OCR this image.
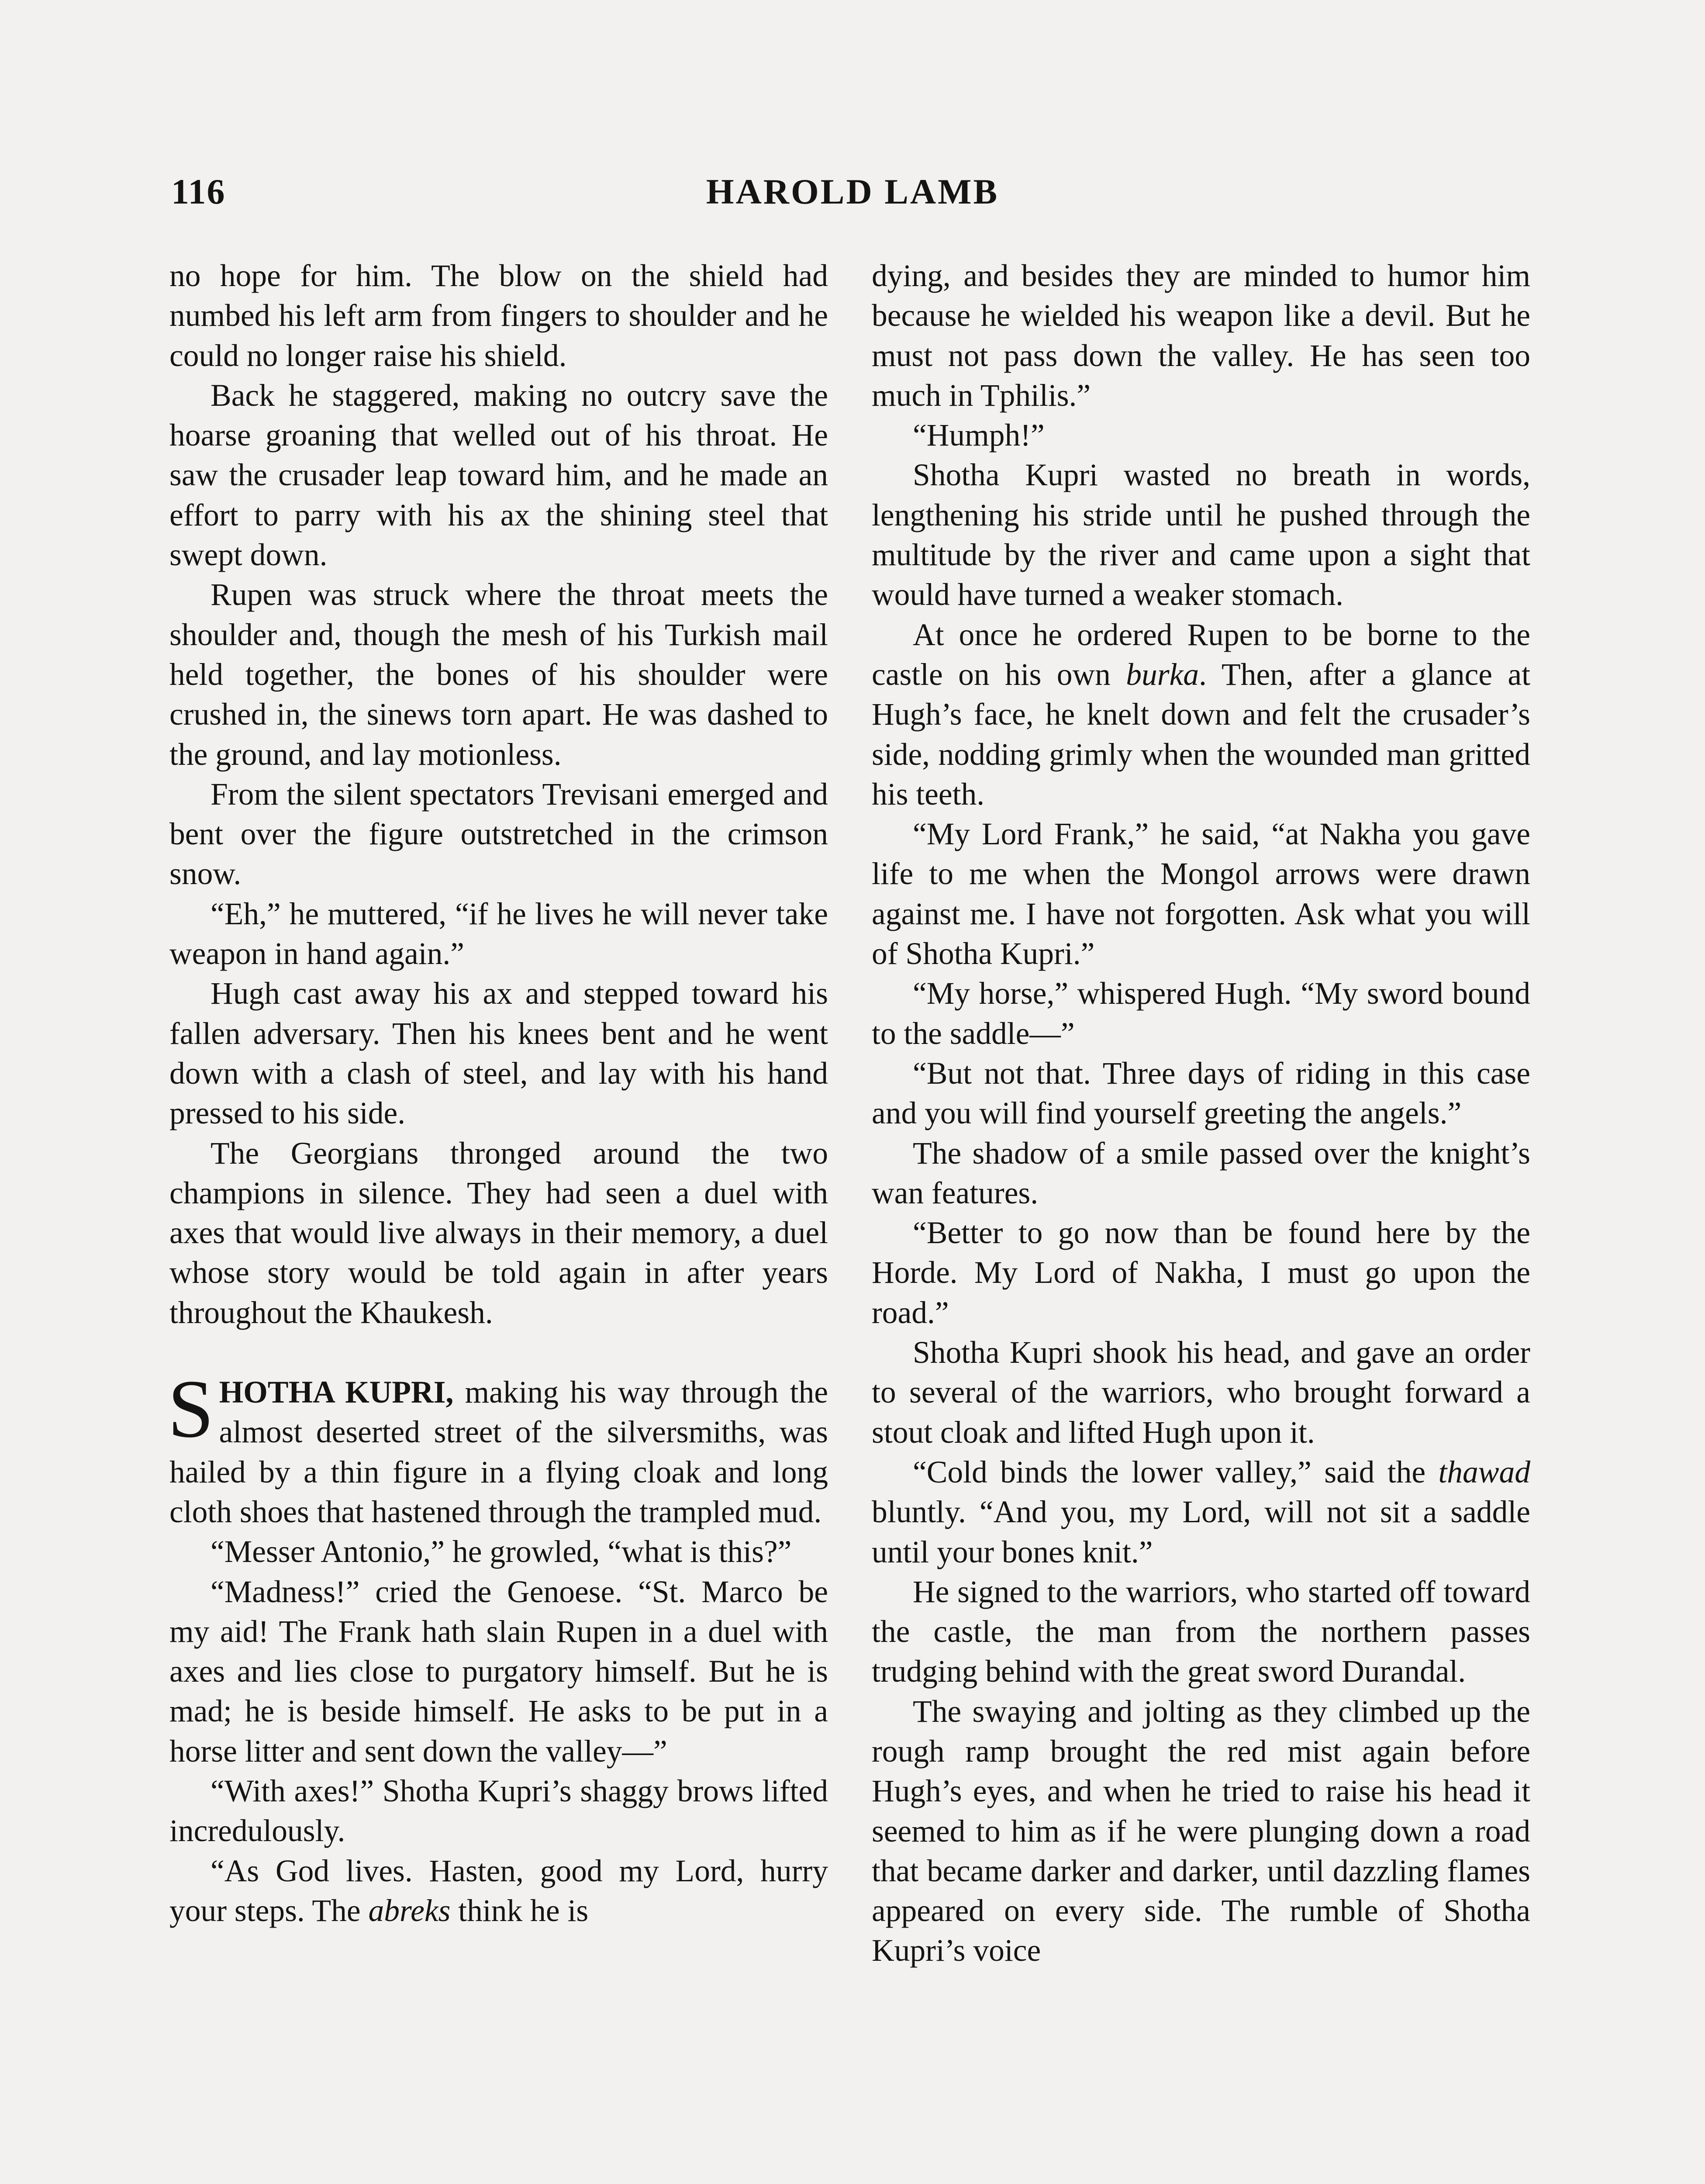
116	HAROLD LAMB

no hope for him. The blow on the shield had numbed his left arm from fingers to shoulder and he could no longer raise his shield.

Back he staggered, making no outcry save the hoarse groaning that welled out of his throat. He saw the crusader leap toward him, and he made an effort to parry with his ax the shining steel that swept down.

Rupen was struck where the throat meets the shoulder and, though the mesh of his Turkish mail held together, the bones of his shoulder were crushed in, the sinews torn apart. He was dashed to the ground, and lay motionless.

From the silent spectators Trevisani emerged and bent over the figure outstretched in the crimson snow.

“Eh,” he muttered, “if he lives he will never take weapon in hand again.”

Hugh cast away his ax and stepped toward his fallen adversary. Then his knees bent and he went down with a clash of steel, and lay with his hand pressed to his side.

The Georgians thronged around the two champions in silence. They had seen a duel with axes that would live always in their memory, a duel whose story would be told again in after years throughout the Khaukesh.

SHOTHA KUPRI, making his way through the almost deserted street of the silversmiths, was hailed by a thin figure in a flying cloak and long cloth shoes that hastened through the trampled mud.

“Messer Antonio,” he growled, “what is this?”

“Madness!” cried the Genoese. “St. Marco be my aid! The Frank hath slain Rupen in a duel with axes and lies close to purgatory himself. But he is mad; he is beside himself. He asks to be put in a horse litter and sent down the valley—”

“With axes!” Shotha Kupri’s shaggy brows lifted incredulously.

“As God lives. Hasten, good my Lord, hurry your steps. The abreks think he is

dying, and besides they are minded to humor him because he wielded his weapon like a devil. But he must not pass down the valley. He has seen too much in Tphilis.”

“Humph!”

Shotha Kupri wasted no breath in words, lengthening his stride until he pushed through the multitude by the river and came upon a sight that would have turned a weaker stomach.

At once he ordered Rupen to be borne to the castle on his own burka. Then, after a glance at Hugh’s face, he knelt down and felt the crusader’s side, nodding grimly when the wounded man gritted his teeth.

“My Lord Frank,” he said, “at Nakha you gave life to me when the Mongol arrows were drawn against me. I have not forgotten. Ask what you will of Shotha Kupri.”

“My horse,” whispered Hugh. “My sword bound to the saddle—”

“But not that. Three days of riding in this case and you will find yourself greeting the angels.”

The shadow of a smile passed over the knight’s wan features.

“Better to go now than be found here by the Horde. My Lord of Nakha, I must go upon the road.”

Shotha Kupri shook his head, and gave an order to several of the warriors, who brought forward a stout cloak and lifted Hugh upon it.

“Cold binds the lower valley,” said the thawad bluntly. “And you, my Lord, will not sit a saddle until your bones knit.”

He signed to the warriors, who started off toward the castle, the man from the northern passes trudging behind with the great sword Durandal.

The swaying and jolting as they climbed up the rough ramp brought the red mist again before Hugh’s eyes, and when he tried to raise his head it seemed to him as if he were plunging down a road that became darker and darker, until dazzling flames appeared on every side. The rumble of Shotha Kupri’s voice
